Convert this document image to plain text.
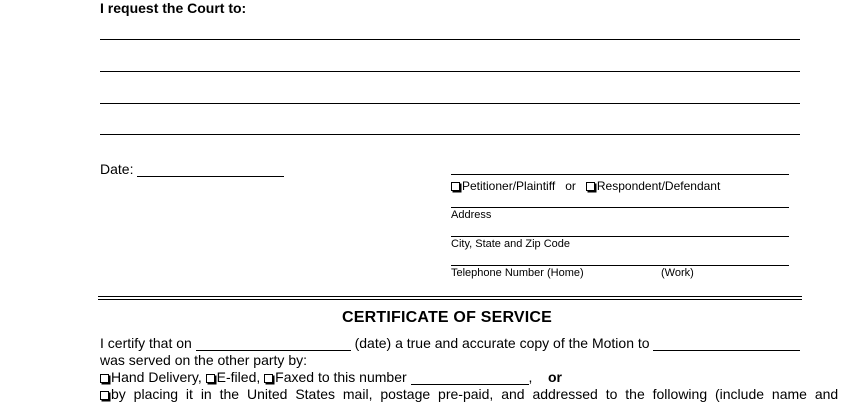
I request the Court to:
Date:
Petitioner/Plaintiff or Respondent/Defendant
Address
City, State and Zip Code
Telephone Number (Home)	(Work)
CERTIFICATE OF SERVICE
I certify that on	(date) a true and accurate copy of the Motion to
was served on the other party by:
Hand Delivery, E-filed, Faxed to this number	, or
by placing it in the United States mail, postage pre-paid, and addressed to the following (include name and
